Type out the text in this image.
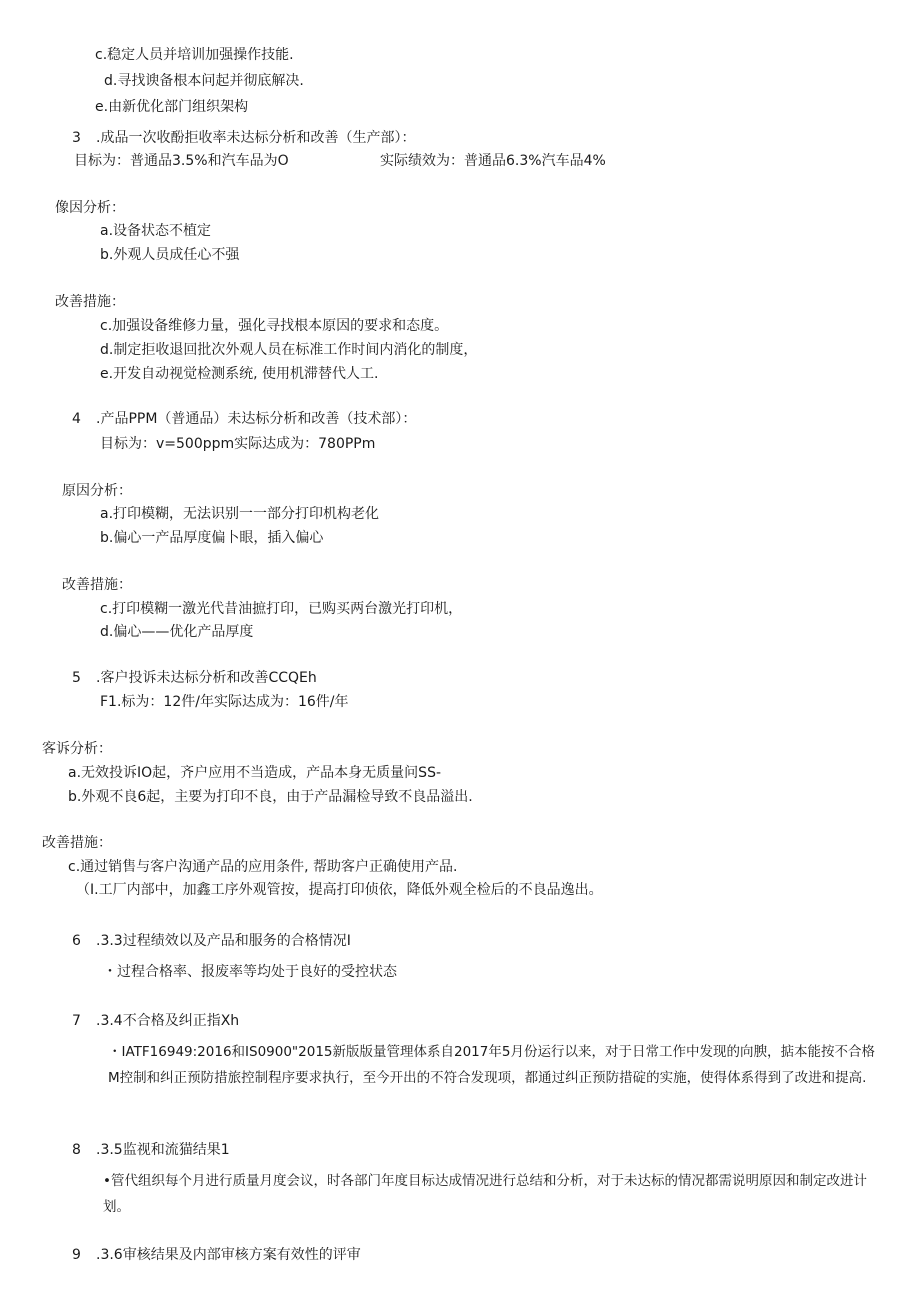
c.稳定人员并培训加强操作技能.
d.寻找谀备根本问起并彻底解决.
e.由新优化部门组织架构
3 .成品一次收酚拒收率未达标分析和改善（生产部）：
目标为：普通品3.5%和汽车品为O	实际绩效为：普通品6.3%汽车品4%
像因分析：
a.设备状态不植定
b.外观人员成任心不强
改善措施：
c.加强设备维修力量，强化寻找根本原因的要求和态度。
d.制定拒收退回批次外观人员在标准工作时间内消化的制度，
e.开发自动视觉检测系统, 使用机滞替代人工.
4 .产品PPM（普通品）未达标分析和改善（技术部）：
目标为：v=500ppm实际达成为：780PPm
原因分析：
a.打印模糊，无法识别一一部分打印机构老化
b.偏心一产品厚度偏卜眼，插入偏心
改善措施：
c.打印模糊一激光代昔油摭打印，已购买两台激光打印机，
d.偏心——优化产品厚度
5 .客户投诉未达标分析和改善CCQEh
F1.标为：12件/年实际达成为：16件/年
客诉分析：
a.无效投诉IO起，齐户应用不当造成，产品本身无质量问SS-
b.外观不良6起，主要为打印不良，由于产品漏检导致不良品溢出.
改善措施：
c.通过销售与客户沟通产品的应用条件, 帮助客户正确使用产品.
（I.工厂内部中，加鑫工序外观管按，提高打印侦依，降低外观全检后的不良品逸出。
6 .3.3过程绩效以及产品和服务的合格情况I
・过程合格率、报废率等均处于良好的受控状态
7 .3.4不合格及纠正指Xh
・IATF16949:2016和IS0900"2015新版版量管理体系自2017年5月份运行以来，对于日常工作中发现的向腴，掂本能按不合格M控制和纠正预防措旅控制程序要求执行，至今开出的不符合发现项，都通过纠正预防措碇的实施，使得体系得到了改进和提高.
8 .3.5监视和流猫结果1
•管代组织每个月进行质量月度会议，时各部门年度目标达成情况进行总结和分析，对于未达标的情况都需说明原因和制定改进计划。
9 .3.6审核结果及内部审核方案有效性的评审
